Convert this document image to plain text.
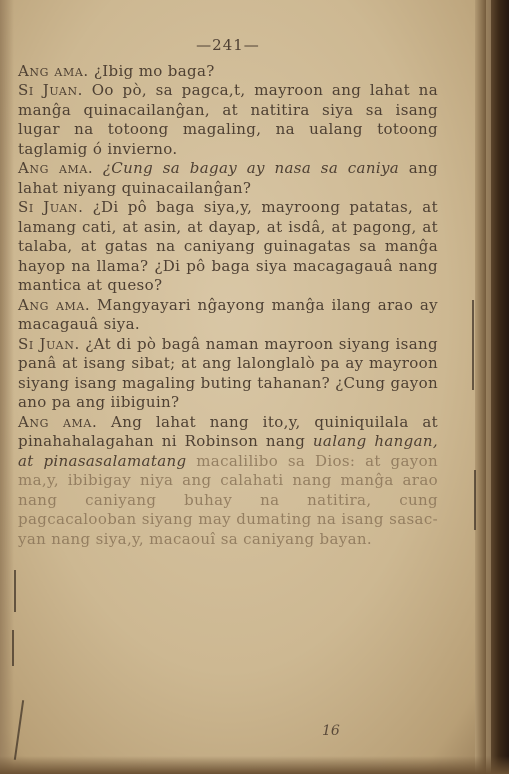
—241—

Ang ama. ¿Ibig mo baga?

Si Juan. Oo pò, sa pagca,t, mayroon ang lahat na manĝa quinacailanĝan, at natitira siya sa isang lugar na totoong magaling, na ualang totoong taglamig ó invierno.

Ang ama. ¿Cung sa bagay ay nasa sa caniya ang lahat niyang quinacailanĝan?

Si Juan. ¿Di pô baga siya,y, mayroong patatas, at lamang cati, at asin, at dayap, at isdâ, at pagong, at talaba, at gatas na caniyang guinagatas sa manĝa hayop na llama? ¿Di pô baga siya macagagauâ nang mantica at queso?

Ang ama. Mangyayari nĝayong manĝa ilang arao ay macagauâ siya.

Si Juan. ¿At di pò bagâ naman mayroon siyang isang panâ at isang sibat; at ang lalonglalò pa ay mayroon siyang isang magaling buting tahanan? ¿Cung gayon ano pa ang iibiguin?

Ang ama. Ang lahat nang ito,y, quiniquilala at pinahahalagahan ni Robinson nang ualang hangan, at pinasasalamatang macalilibo sa Dios: at gayon ma,y, ibibigay niya ang calahati nang manĝa arao nang caniyang buhay na natitira, cung pagcacalooban siyang may dumating na isang sasac-yan nang siya,y, macaouî sa caniyang bayan.

16
